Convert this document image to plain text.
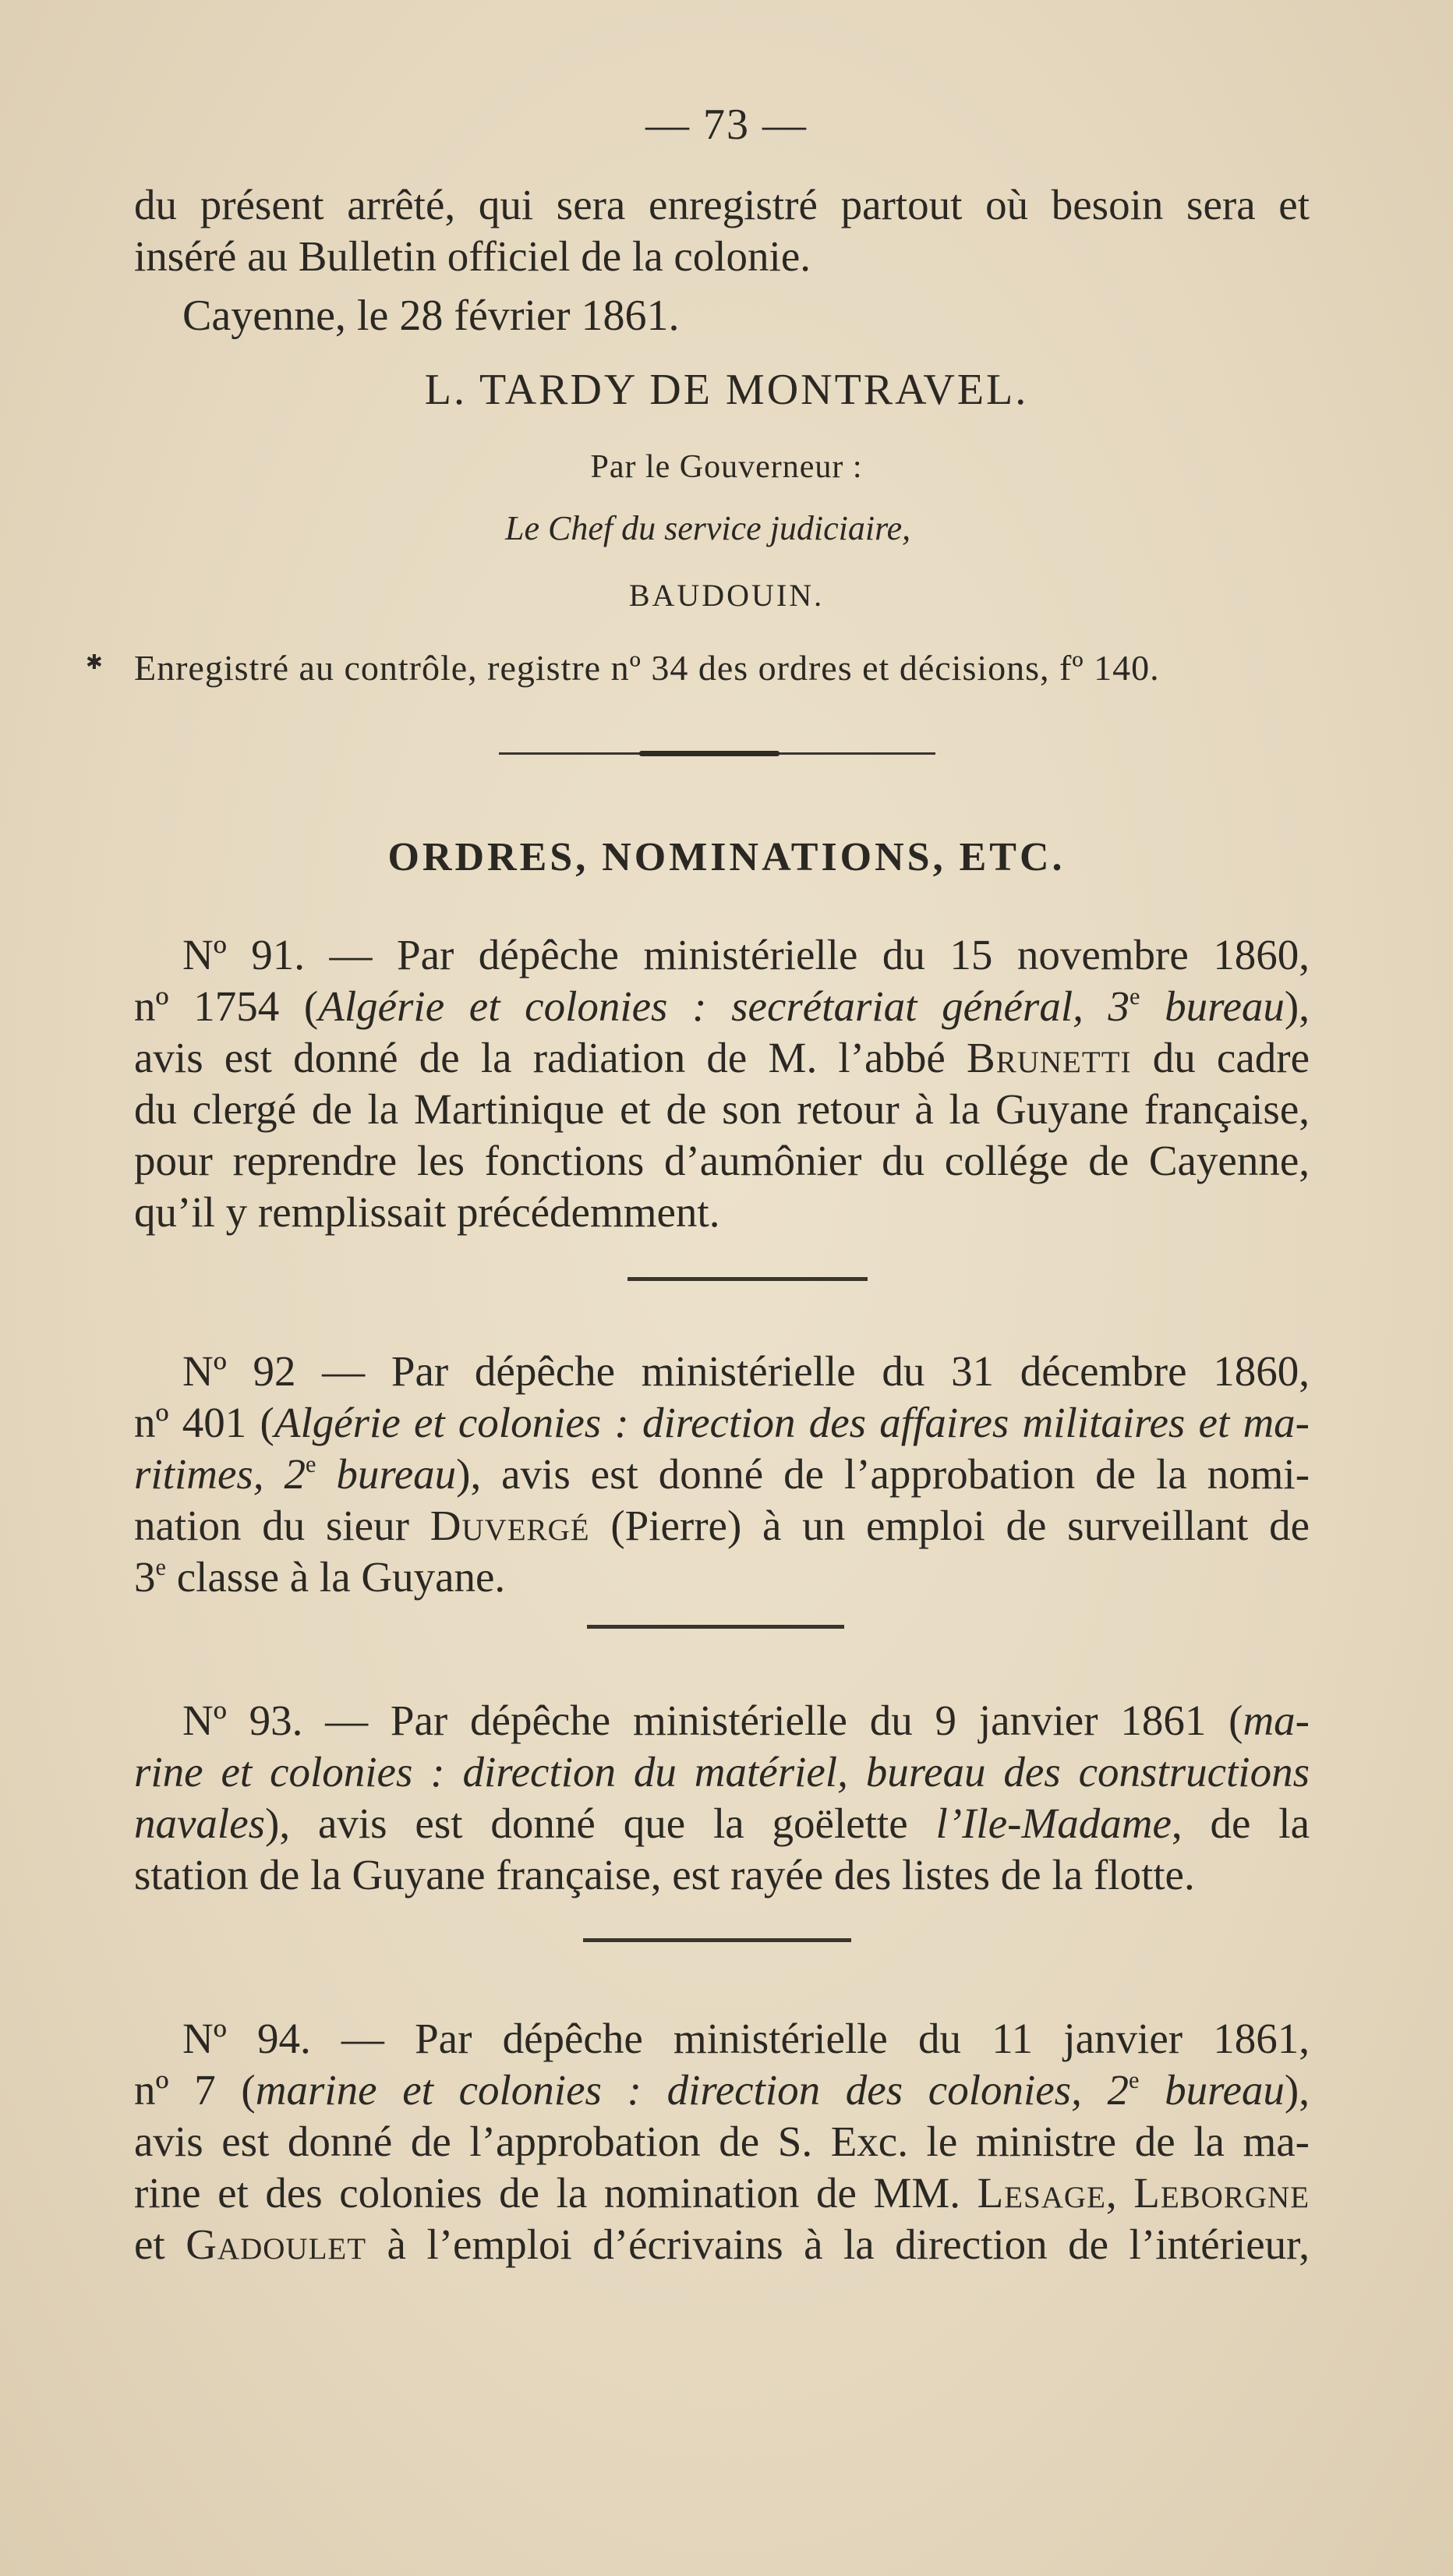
— 73 —
du présent arrêté, qui sera enregistré partout où besoin sera et
inséré au Bulletin officiel de la colonie.
Cayenne, le 28 février 1861.
L. TARDY DE MONTRAVEL.
Par le Gouverneur :
Le Chef du service judiciaire,
BAUDOUIN.
✱ Enregistré au contrôle, registre nº 34 des ordres et décisions, fº 140.
ORDRES, NOMINATIONS, ETC.
Nº 91. — Par dépêche ministérielle du 15 novembre 1860,
nº 1754 (Algérie et colonies : secrétariat général, 3e bureau),
avis est donné de la radiation de M. l’abbé Brunetti du cadre
du clergé de la Martinique et de son retour à la Guyane française,
pour reprendre les fonctions d’aumônier du collége de Cayenne,
qu’il y remplissait précédemment.
Nº 92 — Par dépêche ministérielle du 31 décembre 1860,
nº 401 (Algérie et colonies : direction des affaires militaires et ma-
ritimes, 2e bureau), avis est donné de l’approbation de la nomi-
nation du sieur Duvergé (Pierre) à un emploi de surveillant de
3e classe à la Guyane.
Nº 93. — Par dépêche ministérielle du 9 janvier 1861 (ma-
rine et colonies : direction du matériel, bureau des constructions
navales), avis est donné que la goëlette l’Ile-Madame, de la
station de la Guyane française, est rayée des listes de la flotte.
Nº 94. — Par dépêche ministérielle du 11 janvier 1861,
nº 7 (marine et colonies : direction des colonies, 2e bureau),
avis est donné de l’approbation de S. Exc. le ministre de la ma-
rine et des colonies de la nomination de MM. Lesage, Leborgne
et Gadoulet à l’emploi d’écrivains à la direction de l’intérieur,
